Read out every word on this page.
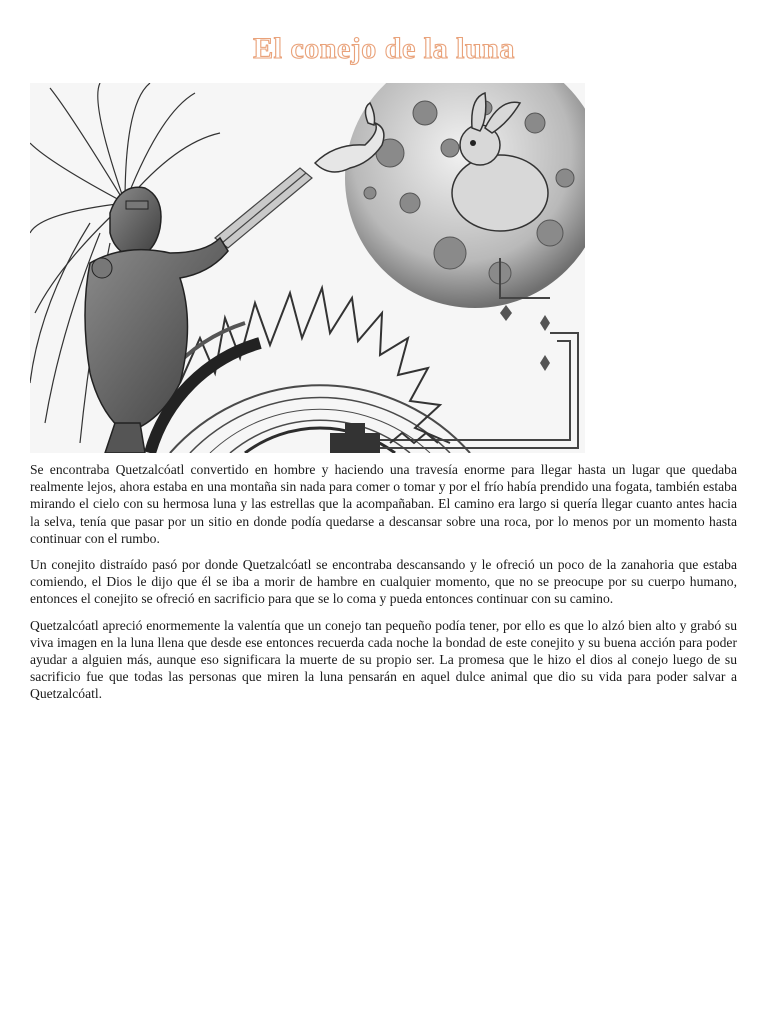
El conejo de la luna

Se encontraba Quetzalcóatl convertido en hombre y haciendo una travesía enorme para llegar hasta un lugar que quedaba realmente lejos, ahora estaba en una montaña sin nada para comer o tomar y por el frío había prendido una fogata, también estaba mirando el cielo con su hermosa luna y las estrellas que la acompañaban. El camino era largo si quería llegar cuanto antes hacia la selva, tenía que pasar por un sitio en donde podía quedarse a descansar sobre una roca, por lo menos por un momento hasta continuar con el rumbo.

Un conejito distraído pasó por donde Quetzalcóatl se encontraba descansando y le ofreció un poco de la zanahoria que estaba comiendo, el Dios le dijo que él se iba a morir de hambre en cualquier momento, que no se preocupe por su cuerpo humano, entonces el conejito se ofreció en sacrificio para que se lo coma y pueda entonces continuar con su camino.

Quetzalcóatl apreció enormemente la valentía que un conejo tan pequeño podía tener, por ello es que lo alzó bien alto y grabó su viva imagen en la luna llena que desde ese entonces recuerda cada noche la bondad de este conejito y su buena acción para poder ayudar a alguien más, aunque eso significara la muerte de su propio ser. La promesa que le hizo el dios al conejo luego de su sacrificio fue que todas las personas que miren la luna pensarán en aquel dulce animal que dio su vida para poder salvar a Quetzalcóatl.
